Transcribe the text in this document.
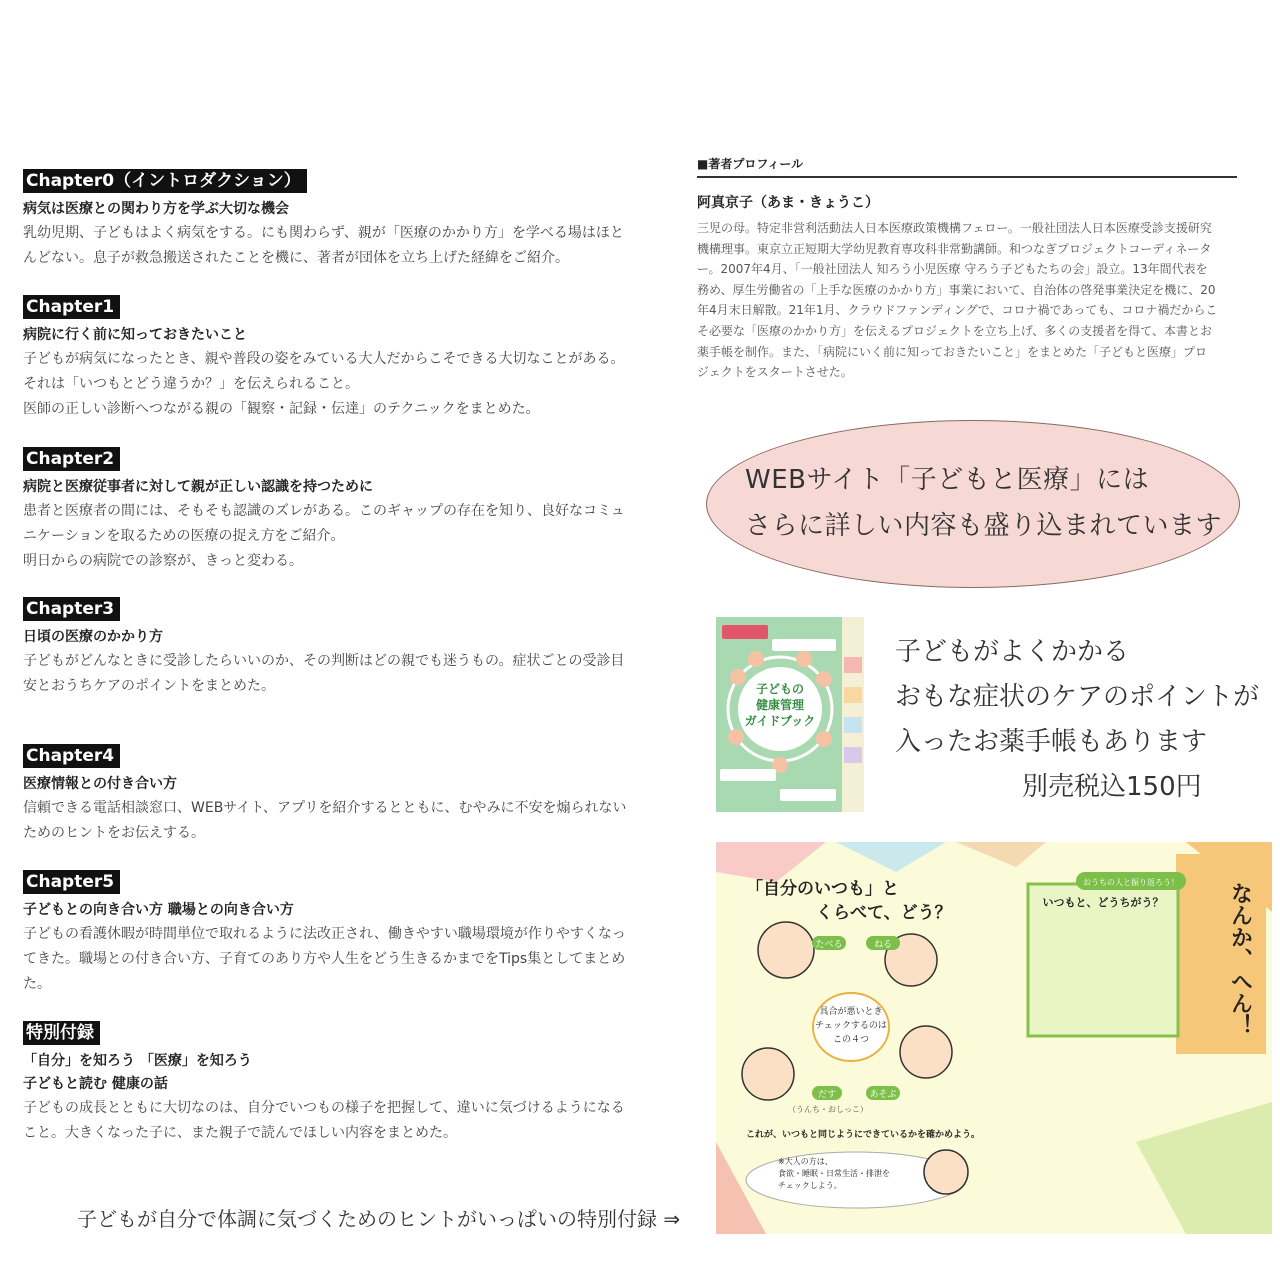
Chapter0（イントロダクション）
病気は医療との関わり方を学ぶ大切な機会
乳幼児期、子どもはよく病気をする。にも関わらず、親が「医療のかかり方」を学べる場はほと
んどない。息子が救急搬送されたことを機に、著者が団体を立ち上げた経緯をご紹介。
Chapter1
病院に行く前に知っておきたいこと
子どもが病気になったとき、親や普段の姿をみている大人だからこそできる大切なことがある。
それは「いつもとどう違うか？」を伝えられること。
医師の正しい診断へつながる親の「観察・記録・伝達」のテクニックをまとめた。
Chapter2
病院と医療従事者に対して親が正しい認識を持つために
患者と医療者の間には、そもそも認識のズレがある。このギャップの存在を知り、良好なコミュ
ニケーションを取るための医療の捉え方をご紹介。
明日からの病院での診察が、きっと変わる。
Chapter3
日頃の医療のかかり方
子どもがどんなときに受診したらいいのか、その判断はどの親でも迷うもの。症状ごとの受診目
安とおうちケアのポイントをまとめた。
Chapter4
医療情報との付き合い方
信頼できる電話相談窓口、WEBサイト、アプリを紹介するとともに、むやみに不安を煽られない
ためのヒントをお伝えする。
Chapter5
子どもとの向き合い方 職場との向き合い方
子どもの看護休暇が時間単位で取れるように法改正され、働きやすい職場環境が作りやすくなっ
てきた。職場との付き合い方、子育てのあり方や人生をどう生きるかまでをTips集としてまとめ
た。
特別付録
「自分」を知ろう 「医療」を知ろう
子どもと読む 健康の話
子どもの成長とともに大切なのは、自分でいつもの様子を把握して、違いに気づけるようになる
こと。大きくなった子に、また親子で読んでほしい内容をまとめた。
子どもが自分で体調に気づくためのヒントがいっぱいの特別付録 ⇒
■著者プロフィール
阿真京子（あま・きょうこ）
三児の母。特定非営利活動法人日本医療政策機構フェロー。一般社団法人日本医療受診支援研究
機構理事。東京立正短期大学幼児教育専攻科非常勤講師。和つなぎプロジェクトコーディネータ
ー。2007年4月、「一般社団法人 知ろう小児医療 守ろう子どもたちの会」設立。13年間代表を
務め、厚生労働省の「上手な医療のかかり方」事業において、自治体の啓発事業決定を機に、20
年4月末日解散。21年1月、クラウドファンディングで、コロナ禍であっても、コロナ禍だからこ
そ必要な「医療のかかり方」を伝えるプロジェクトを立ち上げ、多くの支援者を得て、本書とお
薬手帳を制作。また、「病院にいく前に知っておきたいこと」をまとめた「子どもと医療」プロ
ジェクトをスタートさせた。
WEBサイト「子どもと医療」には
さらに詳しい内容も盛り込まれています
子どもの
健康管理
ガイドブック
子どもがよくかかる
おもな症状のケアのポイントが
入ったお薬手帳もあります
別売税込150円
「自分のいつも」と
くらべて、どう？
たべる	ねる
だす	あそぶ
具合が悪いとき
チェックするのは
この４つ
（うんち・おしっこ）
これが、いつもと同じようにできているかを確かめよう。
※大人の方は、
食欲・睡眠・日常生活・排泄を
チェックしよう。
おうちの人と振り返ろう！
いつもと、どうちがう？	なんか、へん！
